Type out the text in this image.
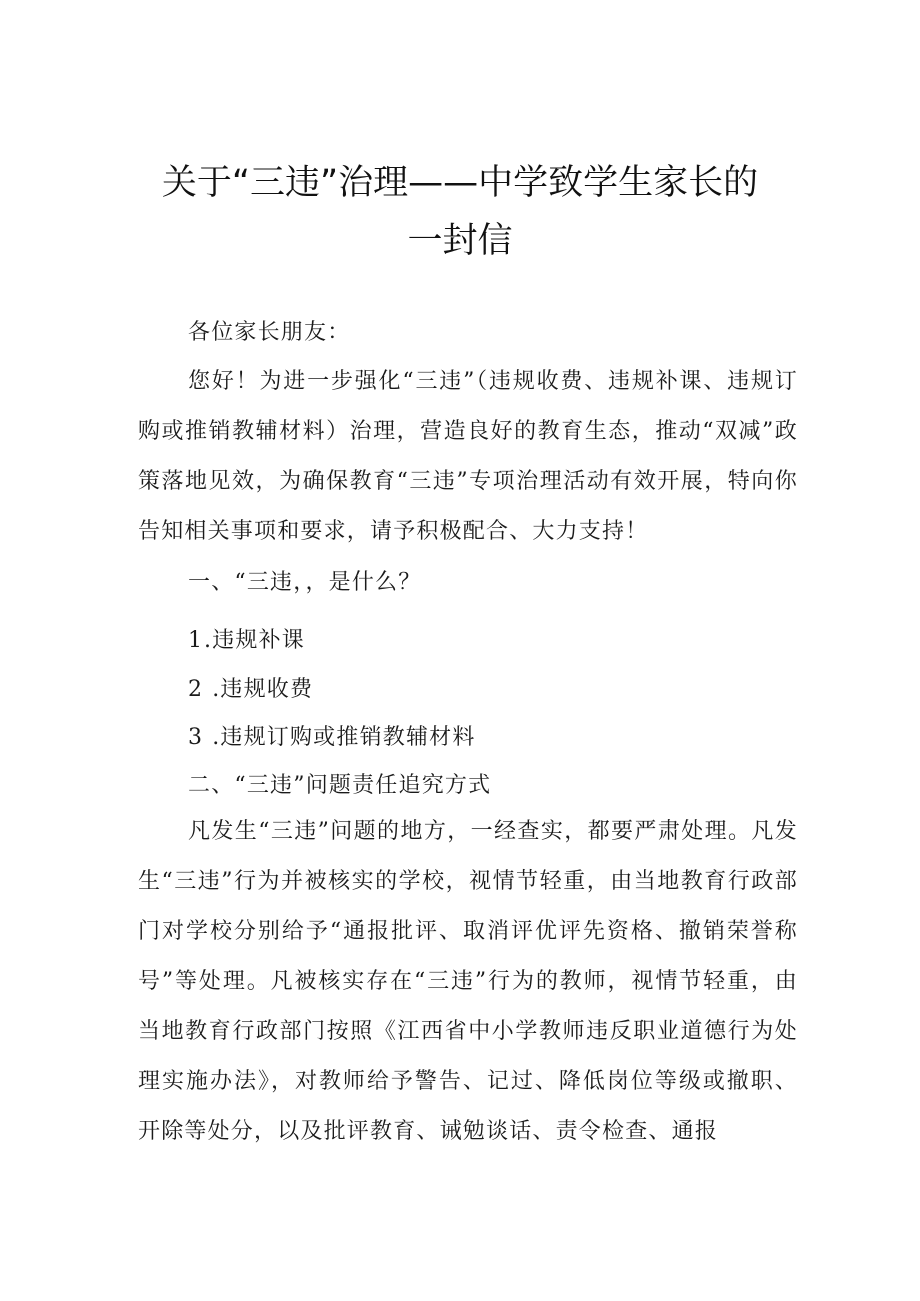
关于“三违”治理——中学致学生家长的
一封信

各位家长朋友：

您好！为进一步强化“三违”（违规收费、违规补课、违规订购或推销教辅材料）治理，营造良好的教育生态，推动“双减”政策落地见效，为确保教育“三违”专项治理活动有效开展，特向你告知相关事项和要求，请予积极配合、大力支持！

一、“三违，，是什么？

1.违规补课

2 .违规收费

3 .违规订购或推销教辅材料

二、“三违”问题责任追究方式

凡发生“三违”问题的地方，一经查实，都要严肃处理。凡发生“三违”行为并被核实的学校，视情节轻重，由当地教育行政部门对学校分别给予“通报批评、取消评优评先资格、撤销荣誉称号”等处理。凡被核实存在“三违”行为的教师，视情节轻重，由当地教育行政部门按照《江西省中小学教师违反职业道德行为处理实施办法》，对教师给予警告、记过、降低岗位等级或撤职、开除等处分，以及批评教育、诫勉谈话、责令检查、通报
